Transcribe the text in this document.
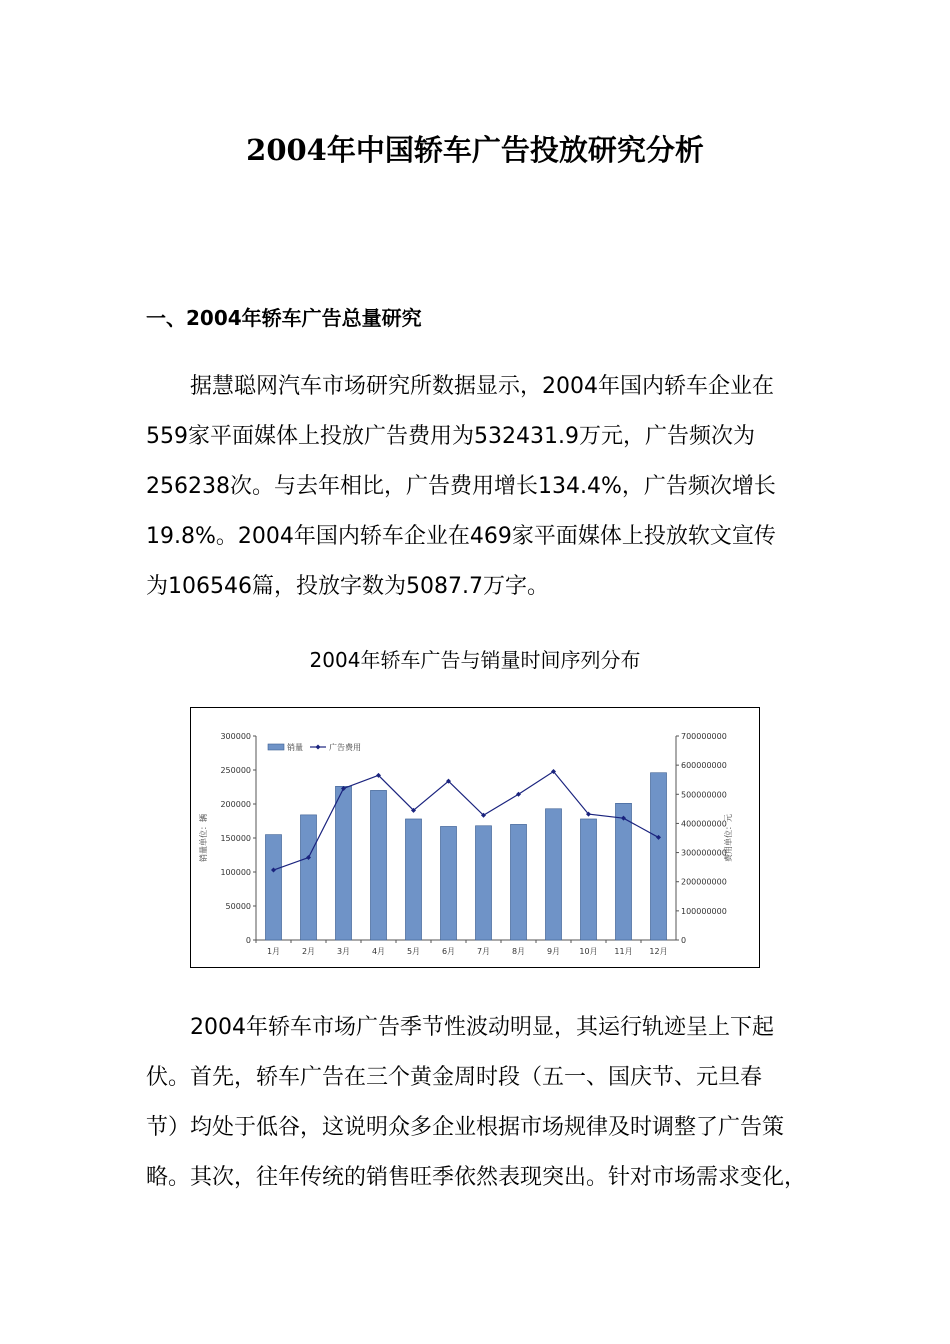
2004年中国轿车广告投放研究分析
一、2004年轿车广告总量研究
据慧聪网汽车市场研究所数据显示，2004年国内轿车企业在
559家平面媒体上投放广告费用为532431.9万元，广告频次为
256238次。与去年相比，广告费用增长134.4%，广告频次增长
19.8%。2004年国内轿车企业在469家平面媒体上投放软文宣传
为106546篇，投放字数为5087.7万字。
2004年轿车广告与销量时间序列分布
0
50000
100000
150000
200000
250000
300000
0
100000000
200000000
300000000
400000000
500000000
600000000
700000000
1月	2月	3月	4月	5月	6月	7月	8月	9月 10月 11月 12月
销量单位：辆	费用单位：元
销量	广告费用
2004年轿车市场广告季节性波动明显，其运行轨迹呈上下起
伏。首先，轿车广告在三个黄金周时段（五一、国庆节、元旦春
节）均处于低谷，这说明众多企业根据市场规律及时调整了广告策
略。其次，往年传统的销售旺季依然表现突出。针对市场需求变化，
